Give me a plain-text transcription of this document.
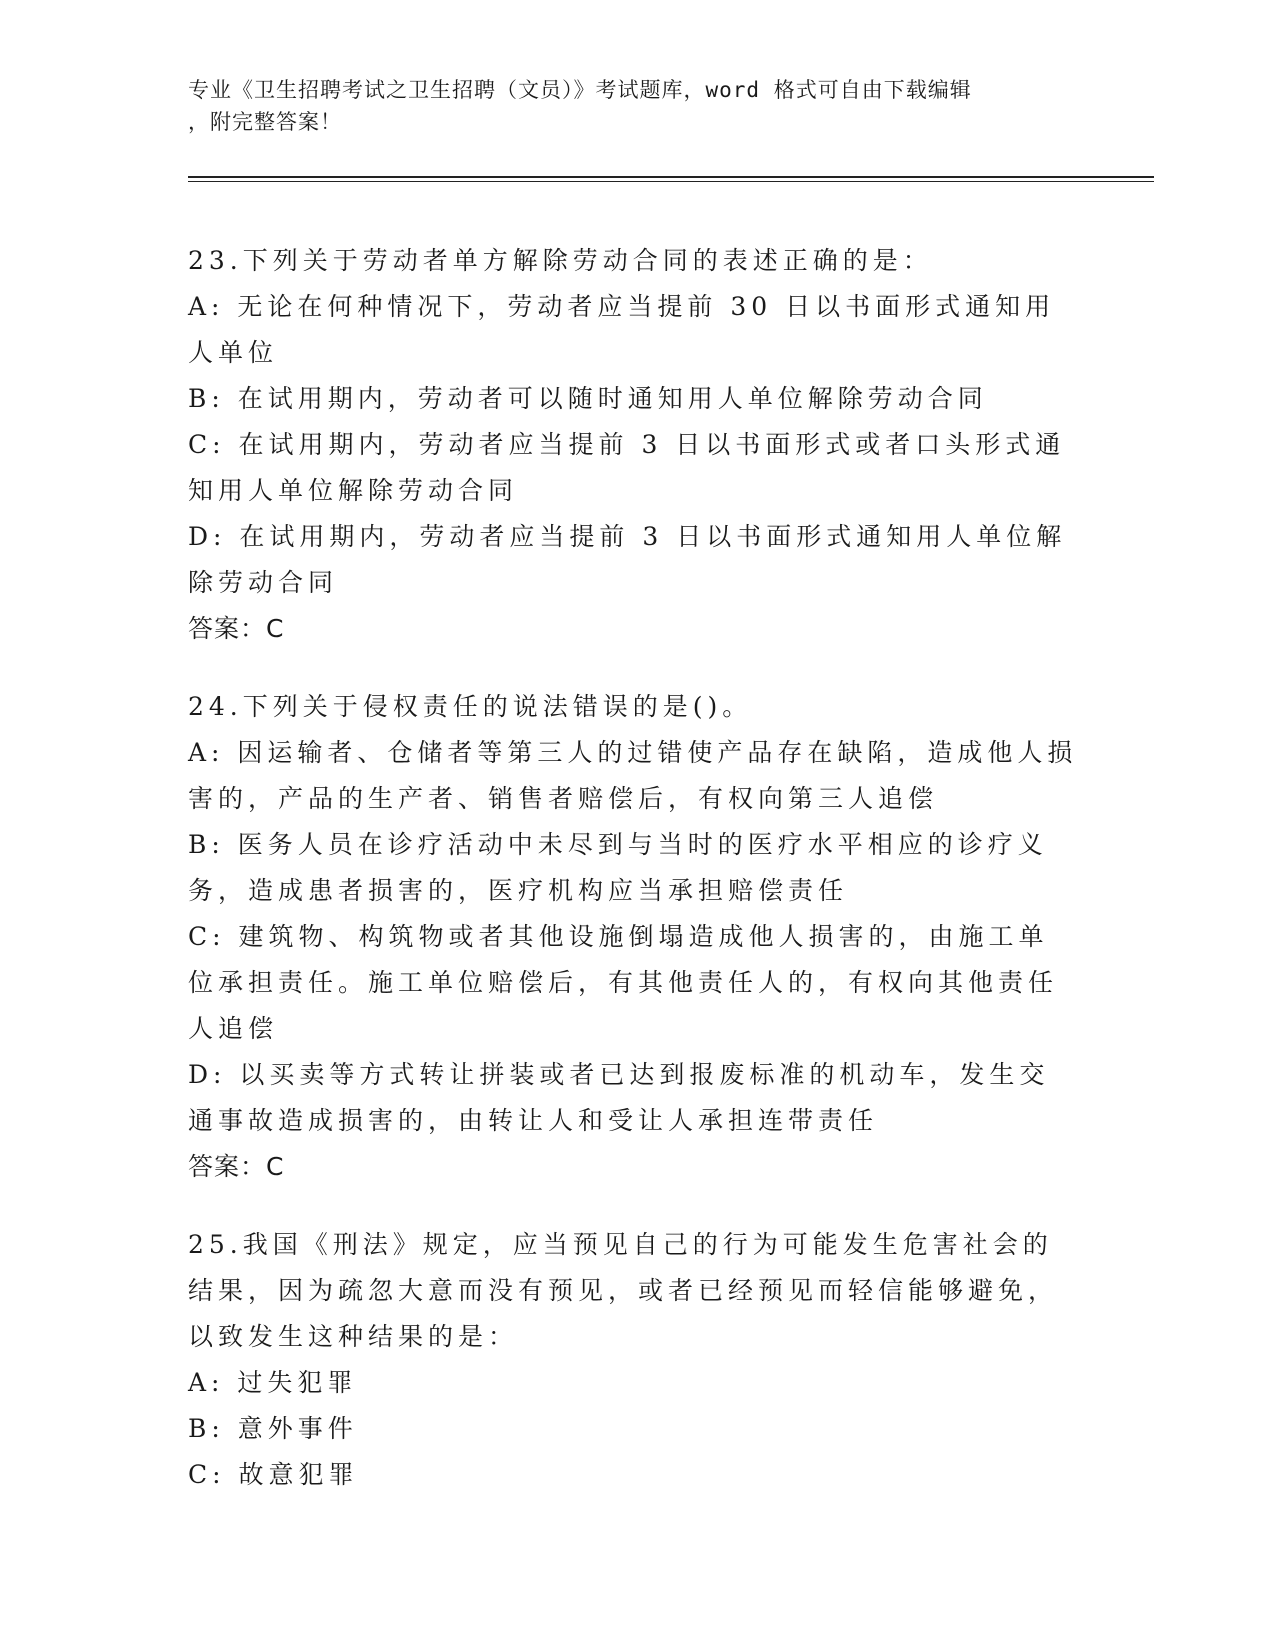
专业《卫生招聘考试之卫生招聘（文员）》考试题库，word 格式可自由下载编辑
，附完整答案！
23.下列关于劳动者单方解除劳动合同的表述正确的是：
A: 无论在何种情况下，劳动者应当提前 30 日以书面形式通知用人单位
B: 在试用期内，劳动者可以随时通知用人单位解除劳动合同
C: 在试用期内，劳动者应当提前 3 日以书面形式或者口头形式通知用人单位解除劳动合同
D: 在试用期内，劳动者应当提前 3 日以书面形式通知用人单位解除劳动合同
答案：C
24.下列关于侵权责任的说法错误的是()。
A: 因运输者、仓储者等第三人的过错使产品存在缺陷，造成他人损害的，产品的生产者、销售者赔偿后，有权向第三人追偿
B: 医务人员在诊疗活动中未尽到与当时的医疗水平相应的诊疗义务，造成患者损害的，医疗机构应当承担赔偿责任
C: 建筑物、构筑物或者其他设施倒塌造成他人损害的，由施工单位承担责任。施工单位赔偿后，有其他责任人的，有权向其他责任人追偿
D: 以买卖等方式转让拼装或者已达到报废标准的机动车，发生交通事故造成损害的，由转让人和受让人承担连带责任
答案：C
25.我国《刑法》规定，应当预见自己的行为可能发生危害社会的结果，因为疏忽大意而没有预见，或者已经预见而轻信能够避免，以致发生这种结果的是：
A: 过失犯罪
B: 意外事件
C: 故意犯罪
